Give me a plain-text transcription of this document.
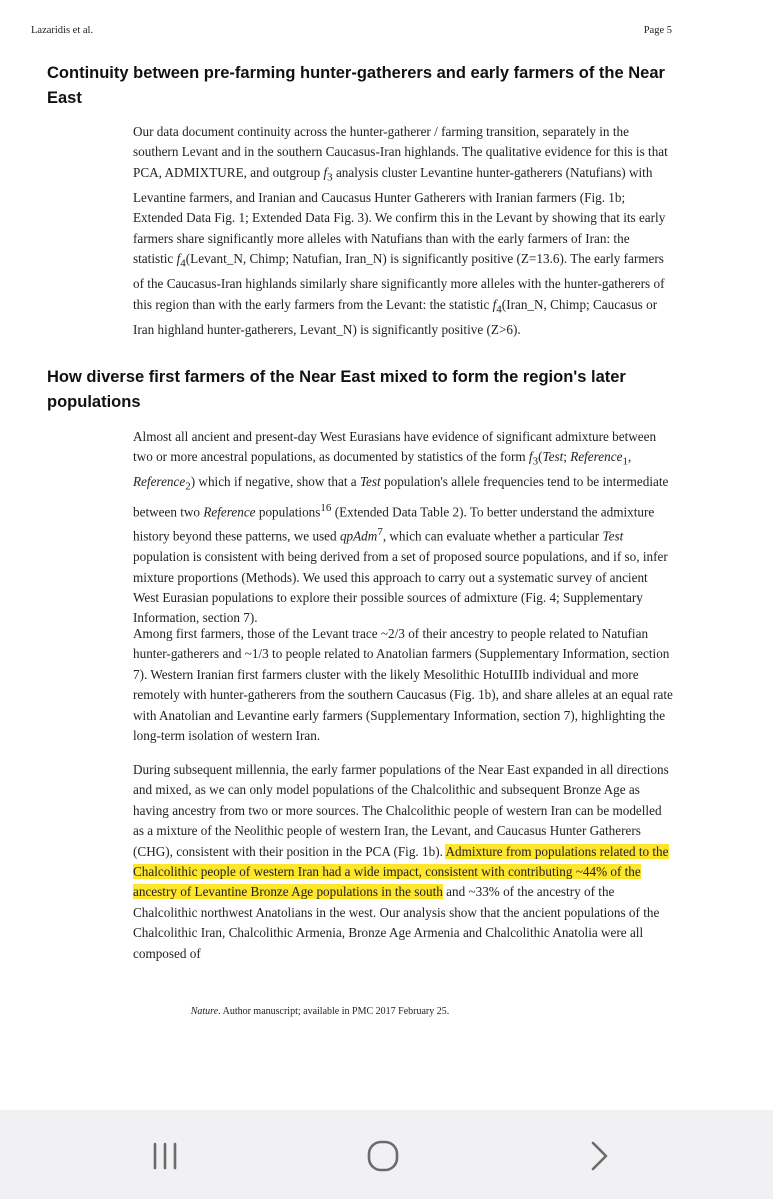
Lazaridis et al.	Page 5
Continuity between pre-farming hunter-gatherers and early farmers of the Near East

Our data document continuity across the hunter-gatherer / farming transition, separately in the southern Levant and in the southern Caucasus-Iran highlands. The qualitative evidence for this is that PCA, ADMIXTURE, and outgroup $f_3$ analysis cluster Levantine hunter-gatherers (Natufians) with Levantine farmers, and Iranian and Caucasus Hunter Gatherers with Iranian farmers (Fig. 1b; Extended Data Fig. 1; Extended Data Fig. 3). We confirm this in the Levant by showing that its early farmers share significantly more alleles with Natufians than with the early farmers of Iran: the statistic $f_4(Levant\_N$, Chimp; Natufian, Iran_N) is significantly positive (Z=13.6). The early farmers of the Caucasus-Iran highlands similarly share significantly more alleles with the hunter-gatherers of this region than with the early farmers from the Levant: the statistic $f_4(Iran\_N$, Chimp; Caucasus or Iran highland hunter-gatherers, Levant_N) is significantly positive (Z>6).

How diverse first farmers of the Near East mixed to form the region's later populations

Almost all ancient and present-day West Eurasians have evidence of significant admixture between two or more ancestral populations, as documented by statistics of the form $f_3(Test$; Reference$_1$, Reference$_2$) which if negative, show that a Test population's allele frequencies tend to be intermediate between two Reference populations$^{16}$ (Extended Data Table 2). To better understand the admixture history beyond these patterns, we used qpAdm$^7$, which can evaluate whether a particular Test population is consistent with being derived from a set of proposed source populations, and if so, infer mixture proportions (Methods). We used this approach to carry out a systematic survey of ancient West Eurasian populations to explore their possible sources of admixture (Fig. 4; Supplementary Information, section 7).

Among first farmers, those of the Levant trace ~2/3 of their ancestry to people related to Natufian hunter-gatherers and ~1/3 to people related to Anatolian farmers (Supplementary Information, section 7). Western Iranian first farmers cluster with the likely Mesolithic HotuIIIb individual and more remotely with hunter-gatherers from the southern Caucasus (Fig. 1b), and share alleles at an equal rate with Anatolian and Levantine early farmers (Supplementary Information, section 7), highlighting the long-term isolation of western Iran.

During subsequent millennia, the early farmer populations of the Near East expanded in all directions and mixed, as we can only model populations of the Chalcolithic and subsequent Bronze Age as having ancestry from two or more sources. The Chalcolithic people of western Iran can be modelled as a mixture of the Neolithic people of western Iran, the Levant, and Caucasus Hunter Gatherers (CHG), consistent with their position in the PCA (Fig. 1b). Admixture from populations related to the Chalcolithic people of western Iran had a wide impact, consistent with contributing ~44% of the ancestry of Levantine Bronze Age populations in the south and ~33% of the ancestry of the Chalcolithic northwest Anatolians in the west. Our analysis show that the ancient populations of the Chalcolithic Iran, Chalcolithic Armenia, Bronze Age Armenia and Chalcolithic Anatolia were all composed of

Nature. Author manuscript; available in PMC 2017 February 25.
